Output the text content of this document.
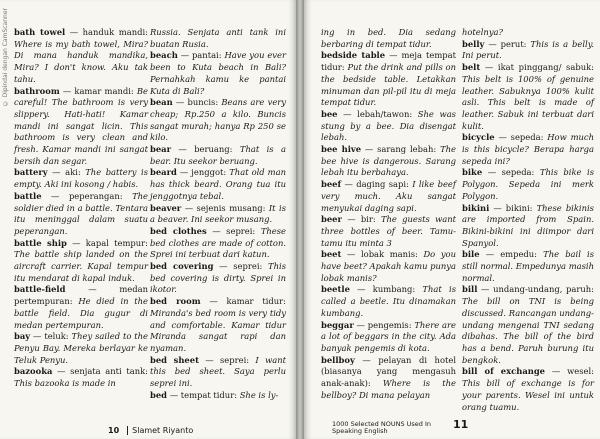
© Dipindai dengan CamScanner bath towel — handuk mandi: Where is my bath towel, Mira? Di mana handuk mandika, Mira? I don't know. Aku tak tahu.
bathroom — kamar mandi: Be careful! The bathroom is very slippery. Hati-hati! Kamar mandi ini sangat licin. This bathroom is very clean and fresh. Kamar mandi ini sangat bersih dan segar.
battery — aki: The battery is empty. Aki ini kosong / habis.
battle — peperangan: The soldier died in a battle. Tentara itu meninggal dalam suatu peperangan.
battle ship — kapal tempur: The battle ship landed on the aircraft carrier. Kapal tempur itu mendarat di kapal induk.
battle-field — medan pertempuran: He died in the battle field. Dia gugur di medan pertempuran.
bay — teluk: They sailed to the Penyu Bay. Mereka berlayar ke Teluk Penyu.
bazooka — senjata anti tank: This bazooka is made in
Russia. Senjata anti tank ini buatan Rusia.
beach — pantai: Have you ever been to Kuta beach in Bali? Pernahkah kamu ke pantai Kuta di Bali?
bean — buncis: Beans are very cheap; Rp.250 a kilo. Buncis sangat murah; hanya Rp 250 se kilo.
bear — beruang: That is a bear. Itu seekor beruang.
beard — jenggot: That old man has thick beard. Orang tua itu jenggotnya tebal.
beaver — sejenis musang: It is a beaver. Ini seekor musang.
bed clothes — seprei: These bed clothes are made of cotton. Sprei ini terbuat dari katun.
bed covering — seprei: This bed covering is dirty. Sprei in ikotor.
bed room — kamar tidur: Miranda's bed room is very tidy and comfortable. Kamar tidur Miranda sangat rapi dan nyaman.
bed sheet — seprei: I want this bed sheet. Saya perlu seprei ini.
bed — tempat tidur: She is ly-
10 Slamet Riyanto
ing in bed. Dia sedang berbaring di tempat tidur.
bedside table — meja tempat tidur: Put the drink and pills on the bedside table. Letakkan minuman dan pil-pil itu di meja tempat tidur.
bee — lebah/tawon: She was stung by a bee. Dia disengat lebah.
bee hive — sarang lebah: The bee hive is dangerous. Sarang lebah itu berbahaya.
beef — daging sapi: I like beef very much. Aku sangat menyukai daging sapi.
beer — bir: The guests want three bottles of beer. Tamu-tamu itu minta 3
beet — lobak manis: Do you have beet? Apakah kamu punya lobak manis?
beetle — kumbang: That is called a beetle. Itu dinamakan kumbang.
beggar — pengemis: There are a lot of beggars in the city. Ada banyak pengemis di kota.
bellboy — pelayan di hotel (biasanya yang mengasuh anak-anak): Where is the bellboy? Di mana pelayan
hotelnya?
belly — perut: This is a belly. Ini perut.
belt — ikat pinggang/ sabuk: This belt is 100% of genuine leather. Sabuknya 100% kulit asli. This belt is made of leather. Sabuk ini terbuat dari kulit.
bicycle — sepeda: How much is this bicycle? Berapa harga sepeda ini?
bike — sepeda: This bike is Polygon. Sepeda ini merk Polygon.
bikini — bikini: These bikinis are imported from Spain. Bikini-bikini ini diimpor dari Spanyol.
bile — empedu: The bail is still normal. Empedunya masih normal.
bill — undang-undang, paruh: The bill on TNI is being discussed. Rancangan undang-undang mengenai TNI sedang dibahas. The bill of the bird has a bend. Paruh burung itu bengkok.
bill of exchange — wesel: This bill of exchange is for your parents. Wesel ini untuk orang tuamu.
1000 Selected NOUNS Used In
Speaking English	11
